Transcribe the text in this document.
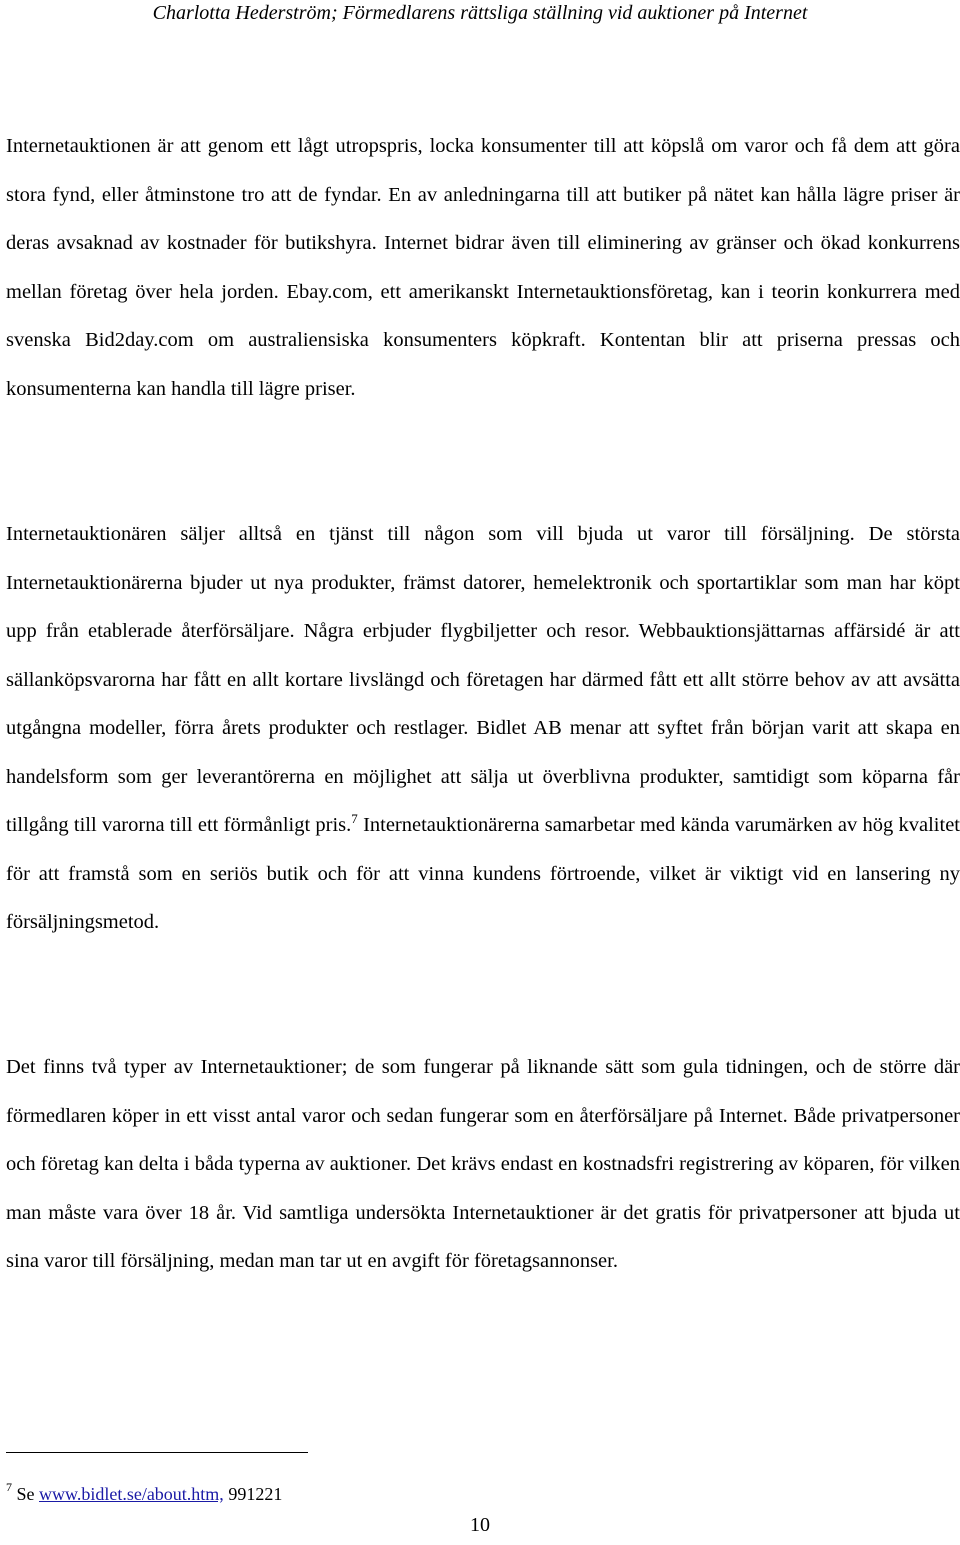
Charlotta Hederström; Förmedlarens rättsliga ställning vid auktioner på Internet

Internetauktionen är att genom ett lågt utropspris, locka konsumenter till att köpslå om varor och få dem att göra stora fynd, eller åtminstone tro att de fyndar. En av anledningarna till att butiker på nätet kan hålla lägre priser är deras avsaknad av kostnader för butikshyra. Internet bidrar även till eliminering av gränser och ökad konkurrens mellan företag över hela jorden. Ebay.com, ett amerikanskt Internetauktionsföretag, kan i teorin konkurrera med svenska Bid2day.com om australiensiska konsumenters köpkraft. Kontentan blir att priserna pressas och konsumenterna kan handla till lägre priser.

Internetauktionären säljer alltså en tjänst till någon som vill bjuda ut varor till försäljning. De största Internetauktionärerna bjuder ut nya produkter, främst datorer, hemelektronik och sportartiklar som man har köpt upp från etablerade återförsäljare. Några erbjuder flygbiljetter och resor. Webbauktionsjättarnas affärsidé är att sällanköpsvarorna har fått en allt kortare livslängd och företagen har därmed fått ett allt större behov av att avsätta utgångna modeller, förra årets produkter och restlager. Bidlet AB menar att syftet från början varit att skapa en handelsform som ger leverantörerna en möjlighet att sälja ut överblivna produkter, samtidigt som köparna får tillgång till varorna till ett förmånligt pris.$^7$ Internetauktionärerna samarbetar med kända varumärken av hög kvalitet för att framstå som en seriös butik och för att vinna kundens förtroende, vilket är viktigt vid en lansering ny försäljningsmetod.

Det finns två typer av Internetauktioner; de som fungerar på liknande sätt som gula tidningen, och de större där förmedlaren köper in ett visst antal varor och sedan fungerar som en återförsäljare på Internet. Både privatpersoner och företag kan delta i båda typerna av auktioner. Det krävs endast en kostnadsfri registrering av köparen, för vilken man måste vara över 18 år. Vid samtliga undersökta Internetauktioner är det gratis för privatpersoner att bjuda ut sina varor till försäljning, medan man tar ut en avgift för företagsannonser.

$^7$ Se www.bidlet.se/about.htm, 991221
10
